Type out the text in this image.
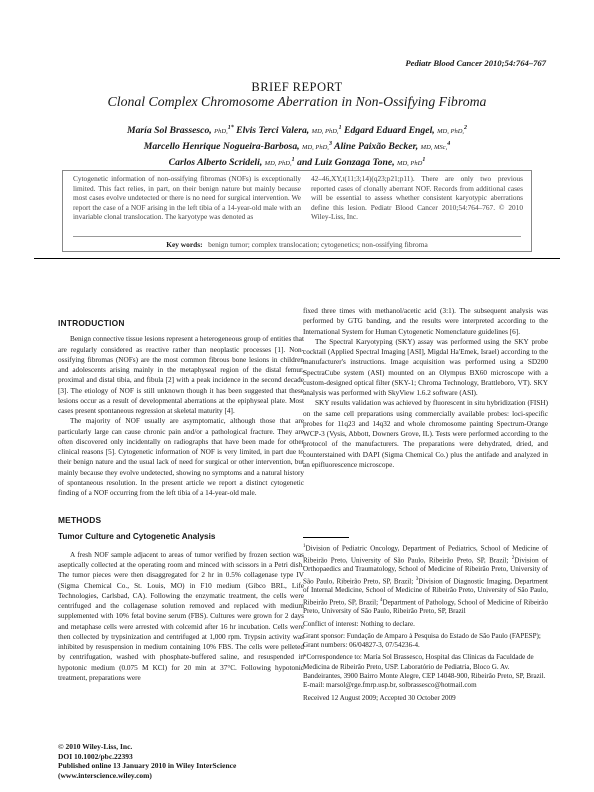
Pediatr Blood Cancer 2010;54:764–767
BRIEF REPORT
Clonal Complex Chromosome Aberration in Non-Ossifying Fibroma
María Sol Brassesco, PhD,$^{1*}$ Elvis Terci Valera, MD, PhD,$^1$ Edgard Eduard Engel, MD, PhD,$^2$
Marcello Henrique Nogueira-Barbosa, MD, PhD,$^3$ Aline Paixão Becker, MD, MSc,$^4$
Carlos Alberto Scrideli, MD, PhD,$^1$ and Luiz Gonzaga Tone, MD, PhD$^1$
Cytogenetic information of non-ossifying fibromas (NOFs) is exceptionally limited. This fact relies, in part, on their benign nature but mainly because most cases evolve undetected or there is no need for surgical intervention. We report the case of a NOF arising in the left tibia of a 14-year-old male with an invariable clonal translocation. The karyotype was denoted as
42–46,XY,t(11;3;14)(q23;p21;p11). There are only two previous reported cases of clonally aberrant NOF. Records from additional cases will be essential to assess whether consistent karyotypic aberrations define this lesion. Pediatr Blood Cancer 2010;54:764–767. © 2010 Wiley-Liss, Inc.
Key words: benign tumor; complex translocation; cytogenetics; non-ossifying fibroma
INTRODUCTION

Benign connective tissue lesions represent a heterogeneous group of entities that are regularly considered as reactive rather than neoplastic processes [1]. Non-ossifying fibromas (NOFs) are the most common fibrous bone lesions in children and adolescents arising mainly in the metaphyseal region of the distal femur, proximal and distal tibia, and fibula [2] with a peak incidence in the second decade [3]. The etiology of NOF is still unknown though it has been suggested that these lesions occur as a result of developmental aberrations at the epiphyseal plate. Most cases present spontaneous regression at skeletal maturity [4].

The majority of NOF usually are asymptomatic, although those that are particularly large can cause chronic pain and/or a pathological fracture. They are often discovered only incidentally on radiographs that have been made for other clinical reasons [5]. Cytogenetic information of NOF is very limited, in part due to their benign nature and the usual lack of need for surgical or other intervention, but mainly because they evolve undetected, showing no symptoms and a natural history of spontaneous resolution. In the present article we report a distinct cytogenetic finding of a NOF occurring from the left tibia of a 14-year-old male.

METHODS
Tumor Culture and Cytogenetic Analysis

A fresh NOF sample adjacent to areas of tumor verified by frozen section was aseptically collected at the operating room and minced with scissors in a Petri dish. The tumor pieces were then disaggregated for 2 hr in 0.5% collagenase type IV (Sigma Chemical Co., St. Louis, MO) in F10 medium (Gibco BRL, Life Technologies, Carlsbad, CA). Following the enzymatic treatment, the cells were centrifuged and the collagenase solution removed and replaced with medium supplemented with 10% fetal bovine serum (FBS). Cultures were grown for 2 days and metaphase cells were arrested with colcemid after 16 hr incubation. Cells were then collected by trypsinization and centrifuged at 1,000 rpm. Trypsin activity was inhibited by resuspension in medium containing 10% FBS. The cells were pelleted by centrifugation, washed with phosphate-buffered saline, and resuspended in hypotonic medium (0.075 M KCl) for 20 min at 37°C. Following hypotonic treatment, preparations were

fixed three times with methanol/acetic acid (3:1). The subsequent analysis was performed by GTG banding, and the results were interpreted according to the International System for Human Cytogenetic Nomenclature guidelines [6].

The Spectral Karyotyping (SKY) assay was performed using the SKY probe cocktail (Applied Spectral Imaging [ASI], Migdal Ha'Emek, Israel) according to the manufacturer's instructions. Image acquisition was performed using a SD200 SpectraCube system (ASI) mounted on an Olympus BX60 microscope with a custom-designed optical filter (SKY-1; Chroma Technology, Brattleboro, VT). SKY analysis was performed with SkyView 1.6.2 software (ASI).

SKY results validation was achieved by fluorescent in situ hybridization (FISH) on the same cell preparations using commercially available probes: loci-specific probes for 11q23 and 14q32 and whole chromosome painting Spectrum-Orange WCP-3 (Vysis, Abbott, Downers Grove, IL). Tests were performed according to the protocol of the manufacturers. The preparations were dehydrated, dried, and counterstained with DAPI (Sigma Chemical Co.) plus the antifade and analyzed in an epifluorescence microscope.

$^1$Division of Pediatric Oncology, Department of Pediatrics, School of Medicine of Ribeirão Preto, University of São Paulo, Ribeirão Preto, SP, Brazil; $^2$Division of Orthopaedics and Traumatology, School of Medicine of Ribeirão Preto, University of São Paulo, Ribeirão Preto, SP, Brazil; $^3$Division of Diagnostic Imaging, Department of Internal Medicine, School of Medicine of Ribeirão Preto, University of São Paulo, Ribeirão Preto, SP, Brazil; $^4$Department of Pathology, School of Medicine of Ribeirão Preto, University of São Paulo, Ribeirão Preto, SP, Brazil

Conflict of interest: Nothing to declare.

Grant sponsor: Fundação de Amparo à Pesquisa do Estado de São Paulo (FAPESP); Grant numbers: 06/04827-3, 07/54236-4.

*Correspondence to: María Sol Brassesco, Hospital das Clínicas da Faculdade de Medicina de Ribeirão Preto, USP. Laboratório de Pediatria, Bloco G. Av. Bandeirantes, 3900 Bairro Monte Alegre, CEP 14048-900, Ribeirão Preto, SP, Brazil.

E-mail: marsol@rge.fmrp.usp.br, solbrassesco@hotmail.com

Received 12 August 2009; Accepted 30 October 2009

© 2010 Wiley-Liss, Inc.
DOI 10.1002/pbc.22393
Published online 13 January 2010 in Wiley InterScience
(www.interscience.wiley.com)
